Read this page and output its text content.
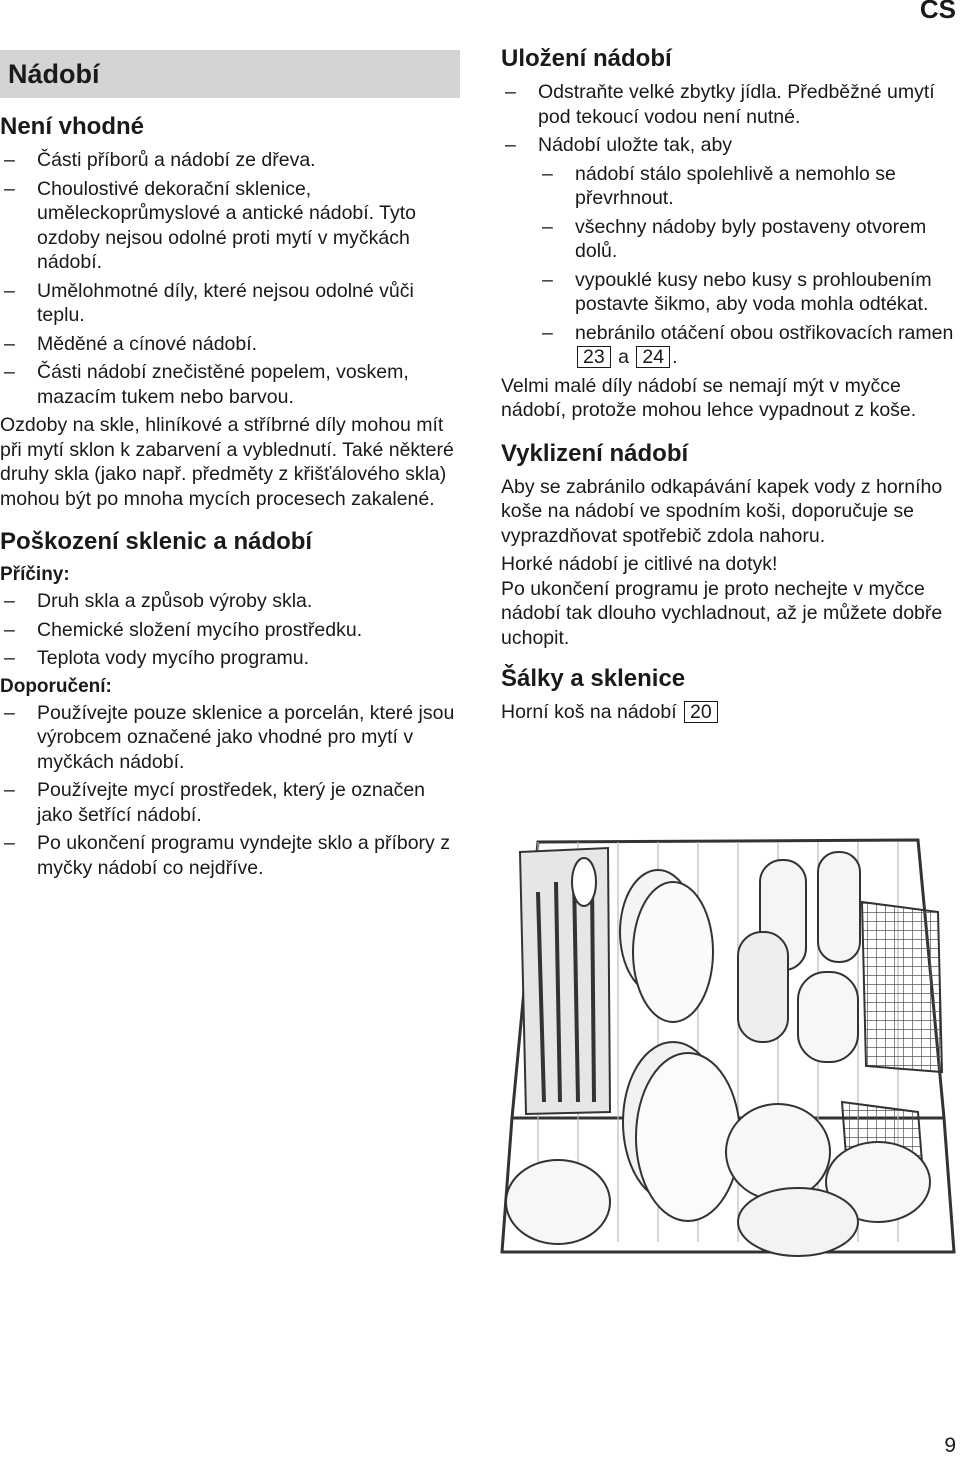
CS
Nádobí
Není vhodné
– Části příborů a nádobí ze dřeva.
– Choulostivé dekorační sklenice, uměleckoprůmyslové a antické nádobí. Tyto ozdoby nejsou odolné proti mytí v myčkách nádobí.
– Umělohmotné díly, které nejsou odolné vůči teplu.
– Měděné a cínové nádobí.
– Části nádobí znečistěné popelem, voskem, mazacím tukem nebo barvou.

Ozdoby na skle, hliníkové a stříbrné díly mohou mít při mytí sklon k zabarvení a vyblednutí. Také některé druhy skla (jako např. předměty z křišťálového skla) mohou být po mnoha mycích procesech zakalené.

Poškození sklenic a nádobí
Příčiny:
– Druh skla a způsob výroby skla.
– Chemické složení mycího prostředku.
– Teplota vody mycího programu.
Doporučení:
– Používejte pouze sklenice a porcelán, které jsou výrobcem označené jako vhodné pro mytí v myčkách nádobí.
– Používejte mycí prostředek, který je označen jako šetřící nádobí.
– Po ukončení programu vyndejte sklo a příbory z myčky nádobí co nejdříve.
Uložení nádobí
– Odstraňte velké zbytky jídla. Předběžné umytí pod tekoucí vodou není nutné.
– Nádobí uložte tak, aby
– nádobí stálo spolehlivě a nemohlo se převrhnout.
– všechny nádoby byly postaveny otvorem dolů.
– vypouklé kusy nebo kusy s prohloubením postavte šikmo, aby voda mohla odtékat.
– nebránilo otáčení obou ostřikovacích ramen 23 a 24 .

Velmi malé díly nádobí se nemají mýt v myčce nádobí, protože mohou lehce vypadnout z koše.

Vyklizení nádobí

Aby se zabránilo odkapávání kapek vody z horního koše na nádobí ve spodním koši, doporučuje se vyprazdňovat spotřebič zdola nahoru.

Horké nádobí je citlivé na dotyk!

Po ukončení programu je proto nechejte v myčce nádobí tak dlouho vychladnout, až je můžete dobře uchopit.

Šálky a sklenice

Horní koš na nádobí 20

9
